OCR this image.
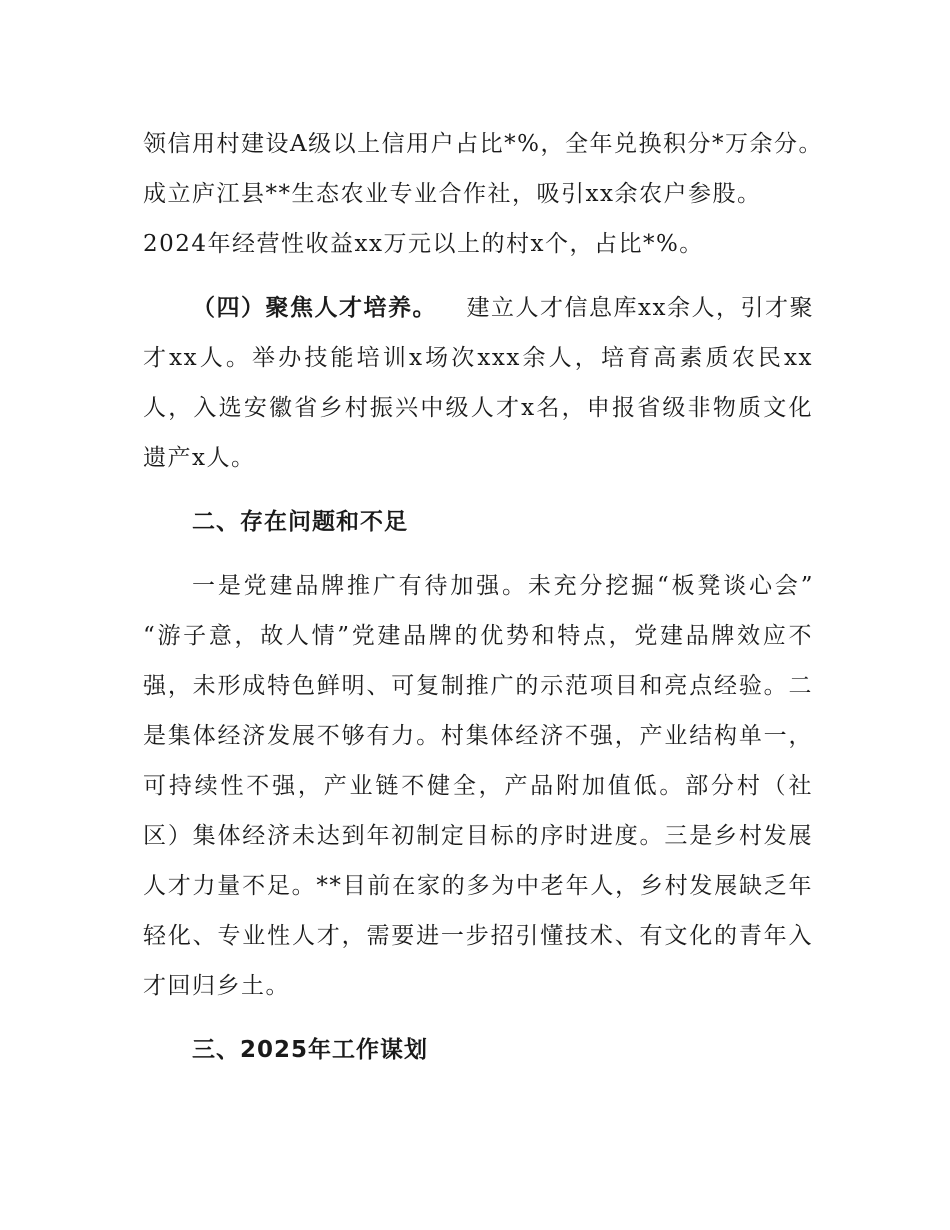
领信用村建设A级以上信用户占比*%，全年兑换积分*万余分。
成立庐江县**生态农业专业合作社，吸引xx余农户参股。
2024年经营性收益xx万元以上的村x个，占比*%。
（四）聚焦人才培养。 建立人才信息库xx余人，引才聚
才xx人。举办技能培训x场次xxx余人，培育高素质农民xx
人，入选安徽省乡村振兴中级人才x名，申报省级非物质文化
遗产x人。
二、存在问题和不足
一是党建品牌推广有待加强。未充分挖掘“板凳谈心会”
“游子意，故人情”党建品牌的优势和特点，党建品牌效应不
强，未形成特色鲜明、可复制推广的示范项目和亮点经验。二
是集体经济发展不够有力。村集体经济不强，产业结构单一，
可持续性不强，产业链不健全，产品附加值低。部分村（社
区）集体经济未达到年初制定目标的序时进度。三是乡村发展
人才力量不足。**目前在家的多为中老年人，乡村发展缺乏年
轻化、专业性人才，需要进一步招引懂技术、有文化的青年入
才回归乡土。
三、2025年工作谋划
